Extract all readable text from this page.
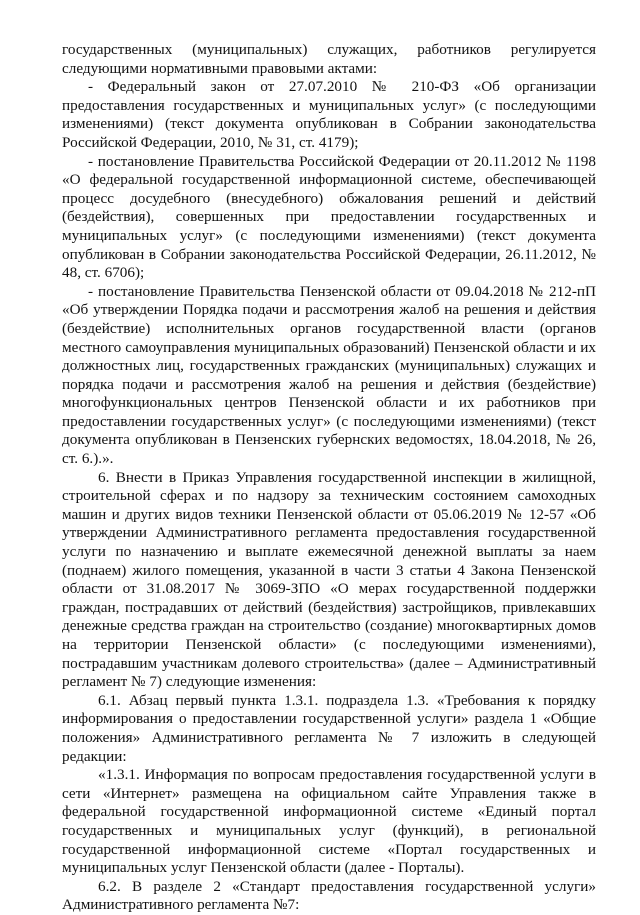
государственных (муниципальных) служащих, работников регулируется следующими нормативными правовыми актами:

- Федеральный закон от 27.07.2010 № 210-ФЗ «Об организации предоставления государственных и муниципальных услуг» (с последующими изменениями) (текст документа опубликован в Собрании законодательства Российской Федерации, 2010, № 31, ст. 4179);

- постановление Правительства Российской Федерации от 20.11.2012 № 1198 «О федеральной государственной информационной системе, обеспечивающей процесс досудебного (внесудебного) обжалования решений и действий (бездействия), совершенных при предоставлении государственных и муниципальных услуг» (с последующими изменениями) (текст документа опубликован в Собрании законодательства Российской Федерации, 26.11.2012, № 48, ст. 6706);

- постановление Правительства Пензенской области от 09.04.2018 № 212-пП «Об утверждении Порядка подачи и рассмотрения жалоб на решения и действия (бездействие) исполнительных органов государственной власти (органов местного самоуправления муниципальных образований) Пензенской области и их должностных лиц, государственных гражданских (муниципальных) служащих и порядка подачи и рассмотрения жалоб на решения и действия (бездействие) многофункциональных центров Пензенской области и их работников при предоставлении государственных услуг» (с последующими изменениями) (текст документа опубликован в Пензенских губернских ведомостях, 18.04.2018, № 26, ст. 6.).».

6. Внести в Приказ Управления государственной инспекции в жилищной, строительной сферах и по надзору за техническим состоянием самоходных машин и других видов техники Пензенской области от 05.06.2019 № 12-57 «Об утверждении Административного регламента предоставления государственной услуги по назначению и выплате ежемесячной денежной выплаты за наем (поднаем) жилого помещения, указанной в части 3 статьи 4 Закона Пензенской области от 31.08.2017 № 3069-ЗПО «О мерах государственной поддержки граждан, пострадавших от действий (бездействия) застройщиков, привлекавших денежные средства граждан на строительство (создание) многоквартирных домов на территории Пензенской области» (с последующими изменениями), пострадавшим участникам долевого строительства» (далее – Административный регламент № 7) следующие изменения:

6.1. Абзац первый пункта 1.3.1. подраздела 1.3. «Требования к порядку информирования о предоставлении государственной услуги» раздела 1 «Общие положения» Административного регламента № 7 изложить в следующей редакции:

«1.3.1. Информация по вопросам предоставления государственной услуги в сети «Интернет» размещена на официальном сайте Управления также в федеральной государственной информационной системе «Единый портал государственных и муниципальных услуг (функций), в региональной государственной информационной системе «Портал государственных и муниципальных услуг Пензенской области (далее - Порталы).

6.2. В разделе 2 «Стандарт предоставления государственной услуги» Административного регламента №7:
